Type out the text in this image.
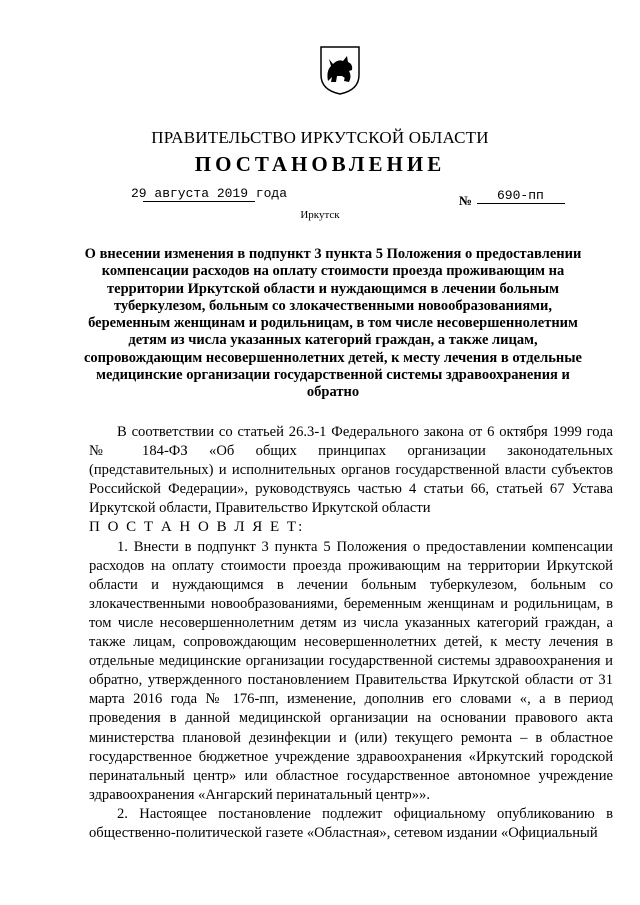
ПРАВИТЕЛЬСТВО ИРКУТСКОЙ ОБЛАСТИ
ПОСТАНОВЛЕНИЕ
29 августа 2019 года	№ 690-пп
Иркутск
О внесении изменения в подпункт 3 пункта 5 Положения о предоставлении компенсации расходов на оплату стоимости проезда проживающим на территории Иркутской области и нуждающимся в лечении больным туберкулезом, больным со злокачественными новообразованиями, беременным женщинам и родильницам, в том числе несовершеннолетним детям из числа указанных категорий граждан, а также лицам, сопровождающим несовершеннолетних детей, к месту лечения в отдельные медицинские организации государственной системы здравоохранения и обратно

В соответствии со статьей 26.3-1 Федерального закона от 6 октября 1999 года № 184-ФЗ «Об общих принципах организации законодательных (представительных) и исполнительных органов государственной власти субъектов Российской Федерации», руководствуясь частью 4 статьи 66, статьей 67 Устава Иркутской области, Правительство Иркутской области

П О С Т А Н О В Л Я Е Т:

1. Внести в подпункт 3 пункта 5 Положения о предоставлении компенсации расходов на оплату стоимости проезда проживающим на территории Иркутской области и нуждающимся в лечении больным туберкулезом, больным со злокачественными новообразованиями, беременным женщинам и родильницам, в том числе несовершеннолетним детям из числа указанных категорий граждан, а также лицам, сопровождающим несовершеннолетних детей, к месту лечения в отдельные медицинские организации государственной системы здравоохранения и обратно, утвержденного постановлением Правительства Иркутской области от 31 марта 2016 года № 176-пп, изменение, дополнив его словами «, а в период проведения в данной медицинской организации на основании правового акта министерства плановой дезинфекции и (или) текущего ремонта – в областное государственное бюджетное учреждение здравоохранения «Иркутский городской перинатальный центр» или областное государственное автономное учреждение здравоохранения «Ангарский перинатальный центр»».

2. Настоящее постановление подлежит официальному опубликованию в общественно-политической газете «Областная», сетевом издании «Официальный
